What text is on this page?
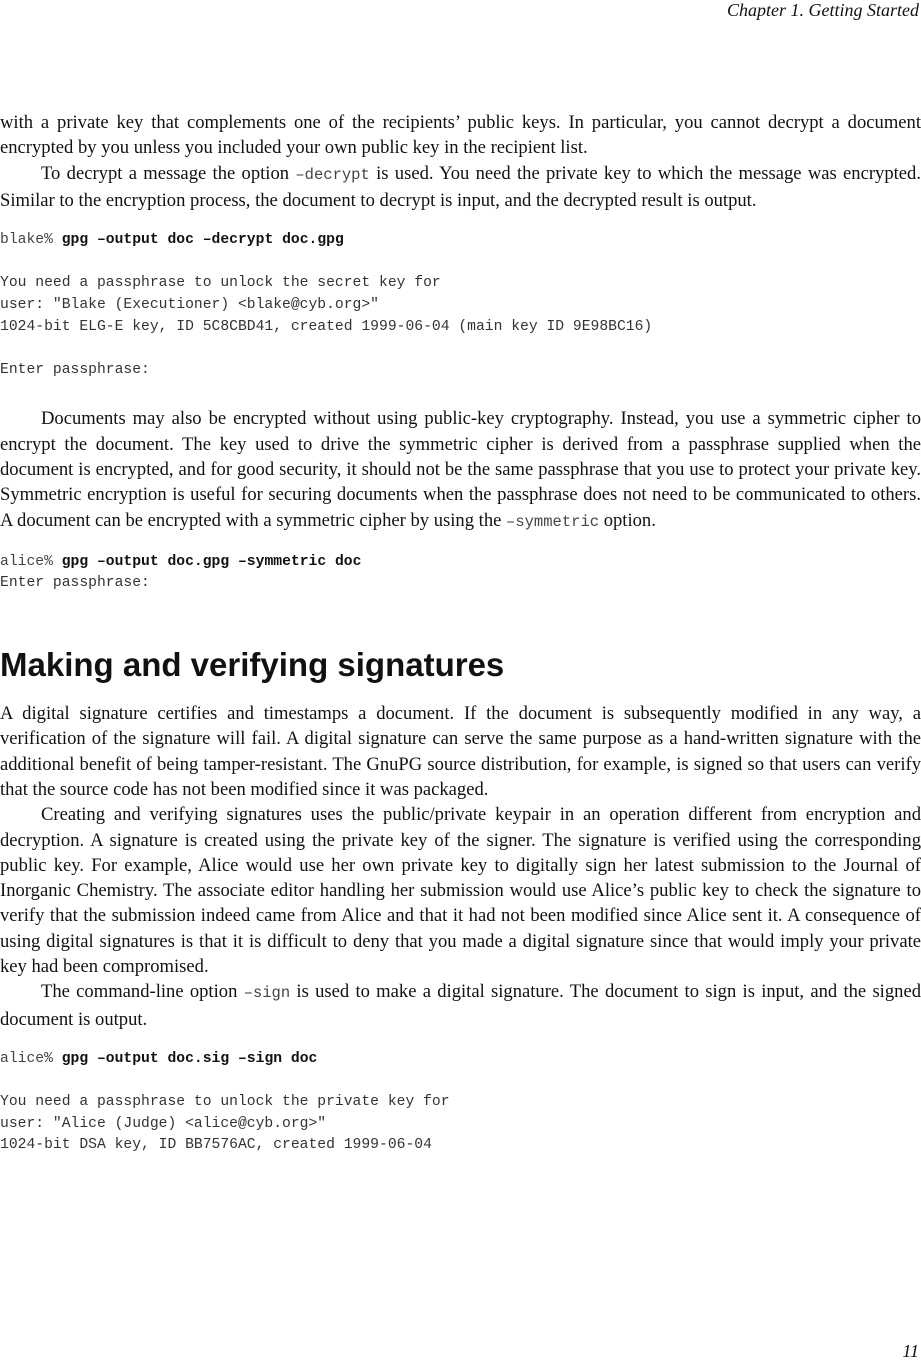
Chapter 1. Getting Started

with a private key that complements one of the recipients’ public keys. In particular, you cannot decrypt a document encrypted by you unless you included your own public key in the recipient list.

To decrypt a message the option –decrypt is used. You need the private key to which the message was encrypted. Similar to the encryption process, the document to decrypt is input, and the decrypted result is output.

blake% gpg –output doc –decrypt doc.gpg

You need a passphrase to unlock the secret key for
user: "Blake (Executioner) <blake@cyb.org>"
1024-bit ELG-E key, ID 5C8CBD41, created 1999-06-04 (main key ID 9E98BC16)

Enter passphrase:

Documents may also be encrypted without using public-key cryptography. Instead, you use a symmetric cipher to encrypt the document. The key used to drive the symmetric cipher is derived from a passphrase supplied when the document is encrypted, and for good security, it should not be the same passphrase that you use to protect your private key. Symmetric encryption is useful for securing documents when the passphrase does not need to be communicated to others. A document can be encrypted with a symmetric cipher by using the –symmetric option.

alice% gpg –output doc.gpg –symmetric doc
Enter passphrase:
Making and verifying signatures

A digital signature certifies and timestamps a document. If the document is subsequently modified in any way, a verification of the signature will fail. A digital signature can serve the same purpose as a hand-written signature with the additional benefit of being tamper-resistant. The GnuPG source distribution, for example, is signed so that users can verify that the source code has not been modified since it was packaged.

Creating and verifying signatures uses the public/private keypair in an operation different from encryption and decryption. A signature is created using the private key of the signer. The signature is verified using the corresponding public key. For example, Alice would use her own private key to digitally sign her latest submission to the Journal of Inorganic Chemistry. The associate editor handling her submission would use Alice’s public key to check the signature to verify that the submission indeed came from Alice and that it had not been modified since Alice sent it. A consequence of using digital signatures is that it is difficult to deny that you made a digital signature since that would imply your private key had been compromised.

The command-line option –sign is used to make a digital signature. The document to sign is input, and the signed document is output.

alice% gpg –output doc.sig –sign doc

You need a passphrase to unlock the private key for
user: "Alice (Judge) <alice@cyb.org>"
1024-bit DSA key, ID BB7576AC, created 1999-06-04
11
